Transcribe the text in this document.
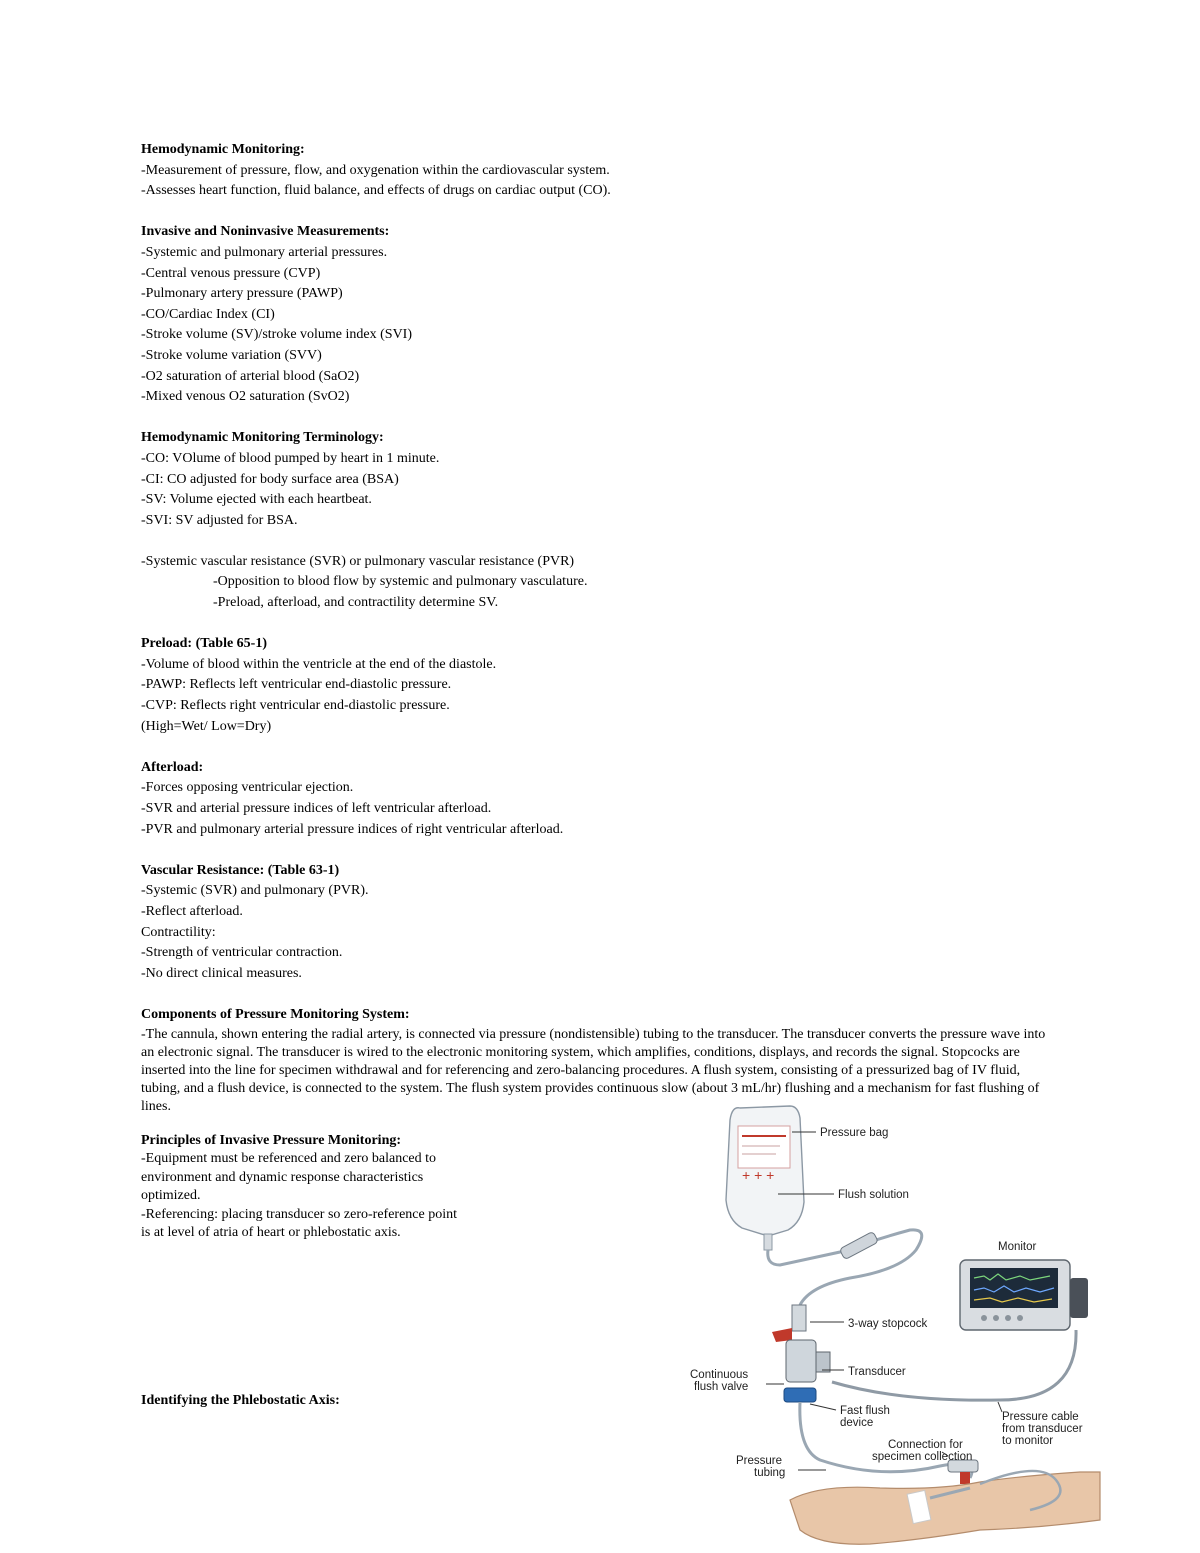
Hemodynamic Monitoring:
-Measurement of pressure, flow, and oxygenation within the cardiovascular system.
-Assesses heart function, fluid balance, and effects of drugs on cardiac output (CO).
Invasive and Noninvasive Measurements:
-Systemic and pulmonary arterial pressures.
-Central venous pressure (CVP)
-Pulmonary artery pressure (PAWP)
-CO/Cardiac Index (CI)
-Stroke volume (SV)/stroke volume index (SVI)
-Stroke volume variation (SVV)
-O2 saturation of arterial blood (SaO2)
-Mixed venous O2 saturation (SvO2)
Hemodynamic Monitoring Terminology:
-CO: VOlume of blood pumped by heart in 1 minute.
-CI: CO adjusted for body surface area (BSA)
-SV: Volume ejected with each heartbeat.
-SVI: SV adjusted for BSA.
-Systemic vascular resistance (SVR) or pulmonary vascular resistance (PVR)
-Opposition to blood flow by systemic and pulmonary vasculature.
-Preload, afterload, and contractility determine SV.
Preload: (Table 65-1)
-Volume of blood within the ventricle at the end of the diastole.
-PAWP: Reflects left ventricular end-diastolic pressure.
-CVP: Reflects right ventricular end-diastolic pressure.
(High=Wet/ Low=Dry)
Afterload:
-Forces opposing ventricular ejection.
-SVR and arterial pressure indices of left ventricular afterload.
-PVR and pulmonary arterial pressure indices of right ventricular afterload.
Vascular Resistance: (Table 63-1)
-Systemic (SVR) and pulmonary (PVR).
-Reflect afterload.
Contractility:
-Strength of ventricular contraction.
-No direct clinical measures.
Components of Pressure Monitoring System:
-The cannula, shown entering the radial artery, is connected via pressure (nondistensible) tubing to the transducer. The transducer converts the pressure wave into an electronic signal. The transducer is wired to the electronic monitoring system, which amplifies, conditions, displays, and records the signal. Stopcocks are inserted into the line for specimen withdrawal and for referencing and zero-balancing procedures. A flush system, consisting of a pressurized bag of IV fluid, tubing, and a flush device, is connected to the system. The flush system provides continuous slow (about 3 mL/hr) flushing and a mechanism for fast flushing of lines.
Principles of Invasive Pressure Monitoring:
-Equipment must be referenced and zero balanced to environment and dynamic response characteristics optimized.
-Referencing: placing transducer so zero-reference point is at level of atria of heart or phlebostatic axis.
Identifying the Phlebostatic Axis:
+ + +
Pressure bag
Flush solution
Monitor
3-way stopcock
Transducer
Continuous
flush valve
Fast flush
device	Pressure cable
from transducer
to monitor
Connection for
specimen collection
Pressure
tubing
